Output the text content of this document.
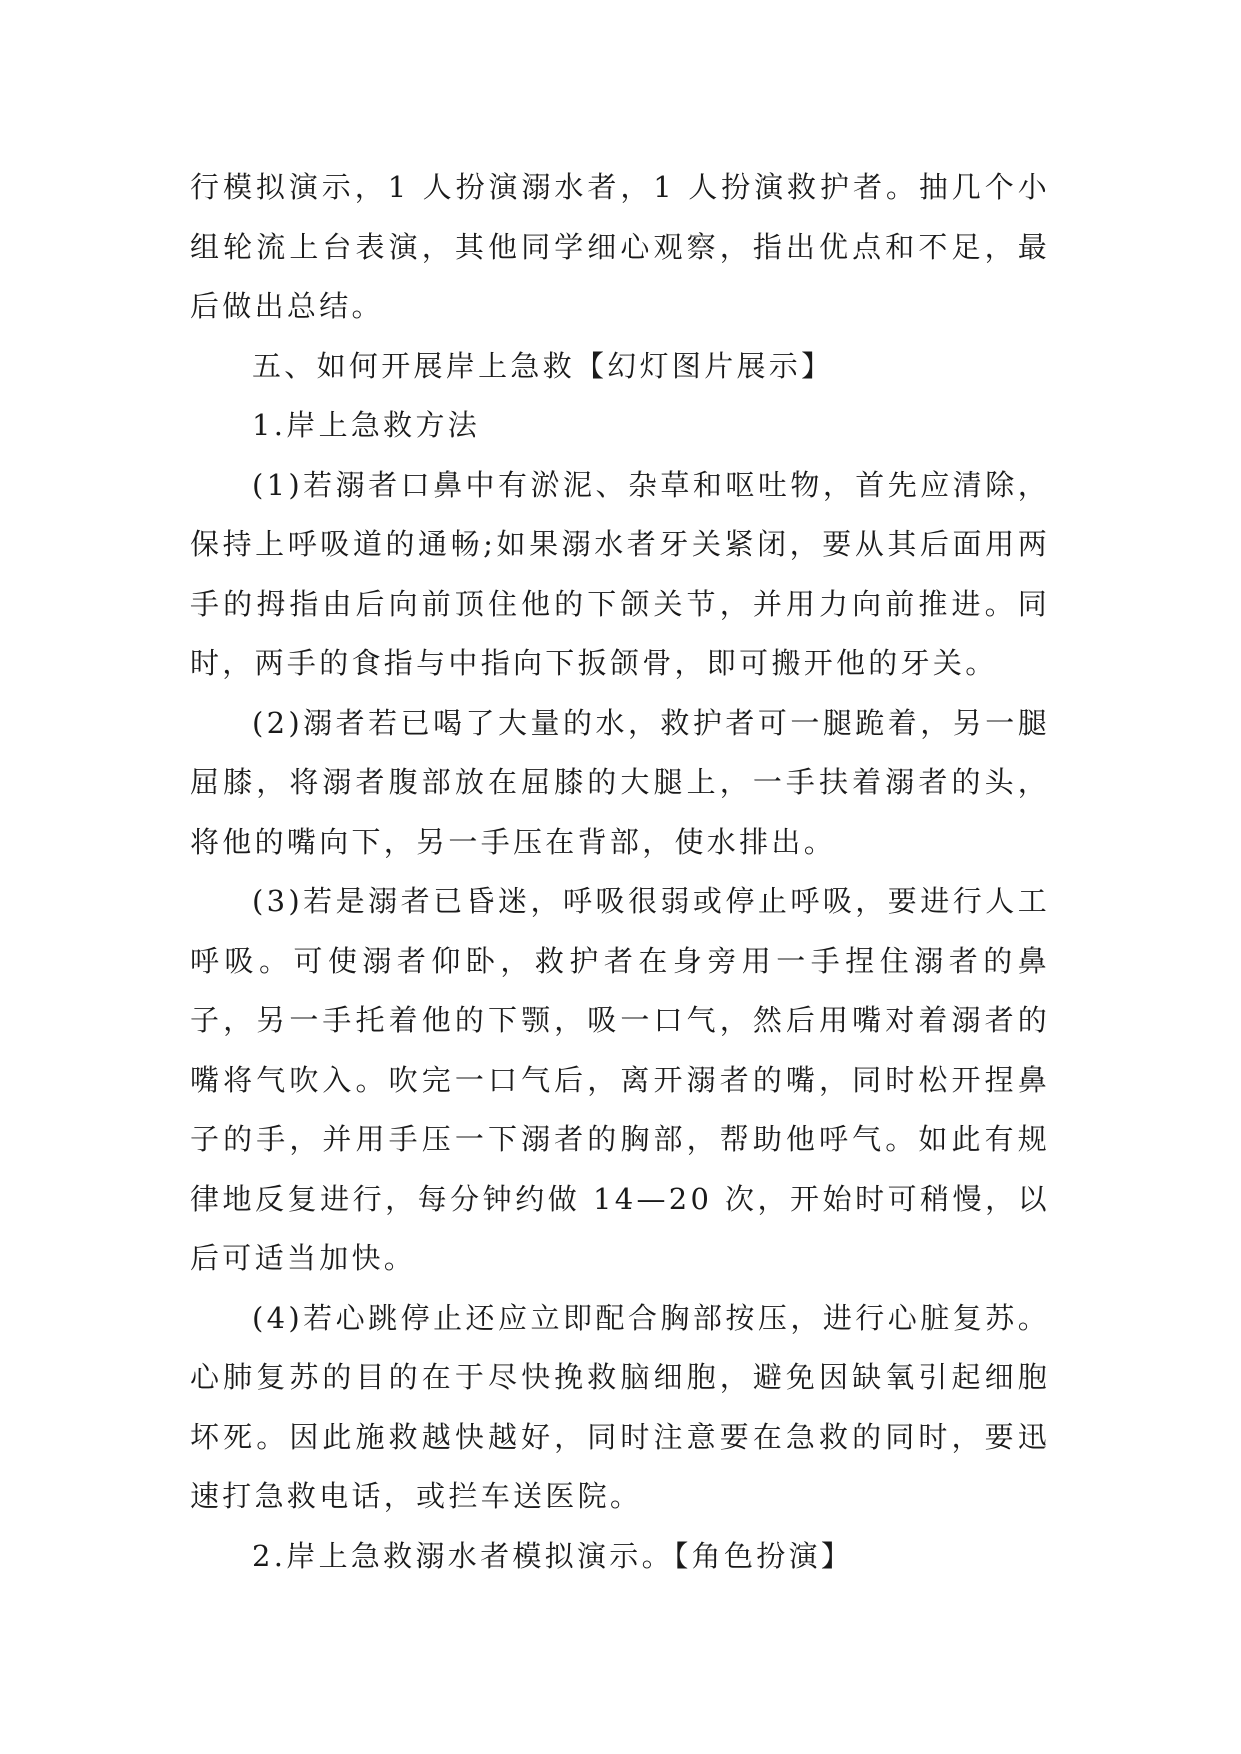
行模拟演示，1 人扮演溺水者，1 人扮演救护者。抽几个小组轮流上台表演，其他同学细心观察，指出优点和不足，最后做出总结。

五、如何开展岸上急救【幻灯图片展示】

1.岸上急救方法

(1)若溺者口鼻中有淤泥、杂草和呕吐物，首先应清除，保持上呼吸道的通畅;如果溺水者牙关紧闭，要从其后面用两手的拇指由后向前顶住他的下颌关节，并用力向前推进。同时，两手的食指与中指向下扳颌骨，即可搬开他的牙关。

(2)溺者若已喝了大量的水，救护者可一腿跪着，另一腿屈膝，将溺者腹部放在屈膝的大腿上，一手扶着溺者的头，将他的嘴向下，另一手压在背部，使水排出。

(3)若是溺者已昏迷，呼吸很弱或停止呼吸，要进行人工呼吸。可使溺者仰卧，救护者在身旁用一手捏住溺者的鼻子，另一手托着他的下颚，吸一口气，然后用嘴对着溺者的嘴将气吹入。吹完一口气后，离开溺者的嘴，同时松开捏鼻子的手，并用手压一下溺者的胸部，帮助他呼气。如此有规律地反复进行，每分钟约做 14—20 次，开始时可稍慢，以后可适当加快。

(4)若心跳停止还应立即配合胸部按压，进行心脏复苏。心肺复苏的目的在于尽快挽救脑细胞，避免因缺氧引起细胞坏死。因此施救越快越好，同时注意要在急救的同时，要迅速打急救电话，或拦车送医院。

2.岸上急救溺水者模拟演示。【角色扮演】
